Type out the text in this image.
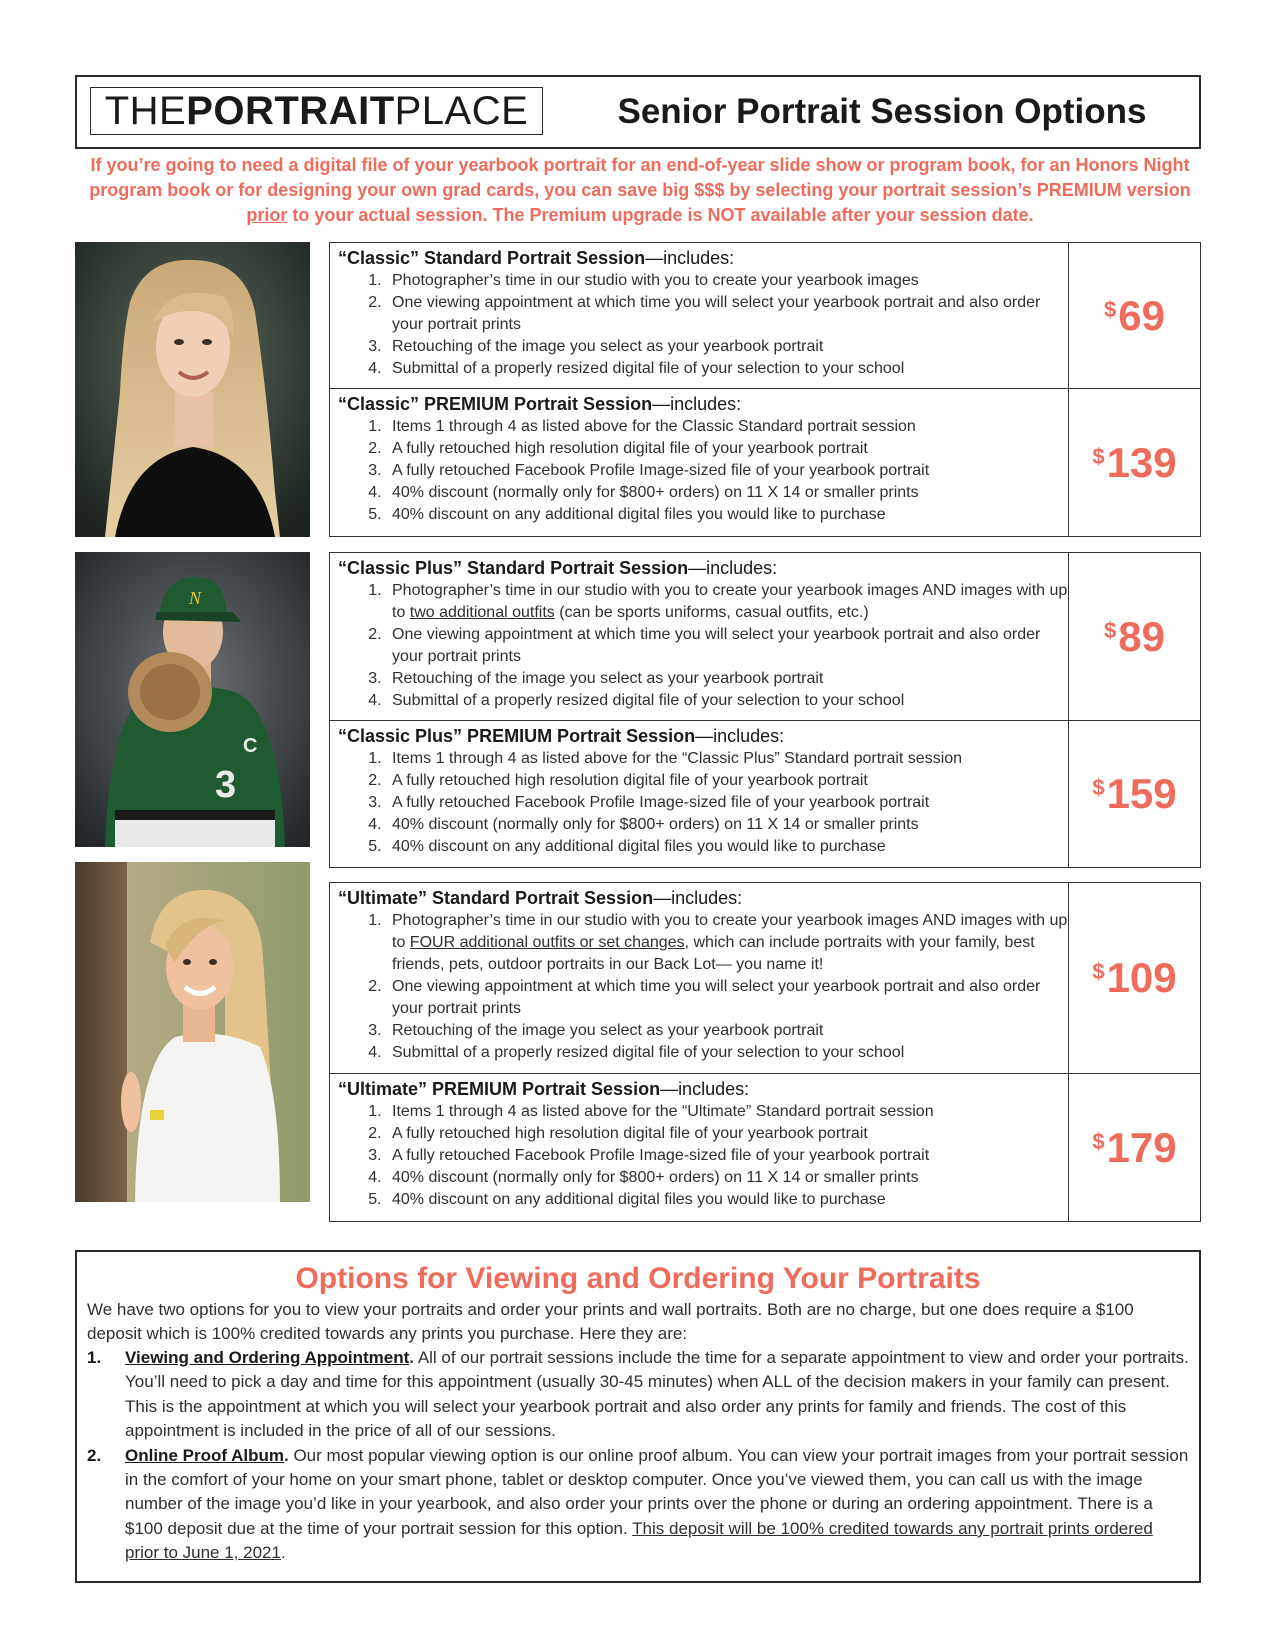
THEPORTRAITPLACE	Senior Portrait Session Options
If you’re going to need a digital file of your yearbook portrait for an end-of-year slide show or program book, for an Honors Night program book or for designing your own grad cards, you can save big $$$ by selecting your portrait session’s PREMIUM version prior to your actual session. The Premium upgrade is NOT available after your session date.
N
C
3
“Classic” Standard Portrait Session—includes:
1. Photographer’s time in our studio with you to create your yearbook images
2. One viewing appointment at which time you will select your yearbook portrait and also order your portrait prints
3. Retouching of the image you select as your yearbook portrait
4. Submittal of a properly resized digital file of your selection to your school
$ 69
“Classic” PREMIUM Portrait Session—includes:
1. Items 1 through 4 as listed above for the Classic Standard portrait session
2. A fully retouched high resolution digital file of your yearbook portrait
3. A fully retouched Facebook Profile Image-sized file of your yearbook portrait
4. 40% discount (normally only for $800+ orders) on 11 X 14 or smaller prints
5. 40% discount on any additional digital files you would like to purchase
$ 139
“Classic Plus” Standard Portrait Session—includes:
1. Photographer’s time in our studio with you to create your yearbook images AND images with up to two additional outfits (can be sports uniforms, casual outfits, etc.)
2. One viewing appointment at which time you will select your yearbook portrait and also order your portrait prints
3. Retouching of the image you select as your yearbook portrait
4. Submittal of a properly resized digital file of your selection to your school
$ 89
“Classic Plus” PREMIUM Portrait Session—includes:
1. Items 1 through 4 as listed above for the “Classic Plus” Standard portrait session
2. A fully retouched high resolution digital file of your yearbook portrait
3. A fully retouched Facebook Profile Image-sized file of your yearbook portrait
4. 40% discount (normally only for $800+ orders) on 11 X 14 or smaller prints
5. 40% discount on any additional digital files you would like to purchase
$ 159
“Ultimate” Standard Portrait Session—includes:
1. Photographer’s time in our studio with you to create your yearbook images AND images with up to FOUR additional outfits or set changes, which can include portraits with your family, best friends, pets, outdoor portraits in our Back Lot— you name it!
2. One viewing appointment at which time you will select your yearbook portrait and also order your portrait prints
3. Retouching of the image you select as your yearbook portrait
4. Submittal of a properly resized digital file of your selection to your school
$ 109
“Ultimate” PREMIUM Portrait Session—includes:
1. Items 1 through 4 as listed above for the “Ultimate” Standard portrait session
2. A fully retouched high resolution digital file of your yearbook portrait
3. A fully retouched Facebook Profile Image-sized file of your yearbook portrait
4. 40% discount (normally only for $800+ orders) on 11 X 14 or smaller prints
5. 40% discount on any additional digital files you would like to purchase
$ 179
Options for Viewing and Ordering Your Portraits
We have two options for you to view your portraits and order your prints and wall portraits. Both are no charge, but one does require a $100 deposit which is 100% credited towards any prints you purchase. Here they are:
1. Viewing and Ordering Appointment. All of our portrait sessions include the time for a separate appointment to view and order your portraits. You’ll need to pick a day and time for this appointment (usually 30-45 minutes) when ALL of the decision makers in your family can present. This is the appointment at which you will select your yearbook portrait and also order any prints for family and friends. The cost of this appointment is included in the price of all of our sessions.
2. Online Proof Album. Our most popular viewing option is our online proof album. You can view your portrait images from your portrait session in the comfort of your home on your smart phone, tablet or desktop computer. Once you’ve viewed them, you can call us with the image number of the image you’d like in your yearbook, and also order your prints over the phone or during an ordering appointment. There is a $100 deposit due at the time of your portrait session for this option. This deposit will be 100% credited towards any portrait prints ordered prior to June 1, 2021.
